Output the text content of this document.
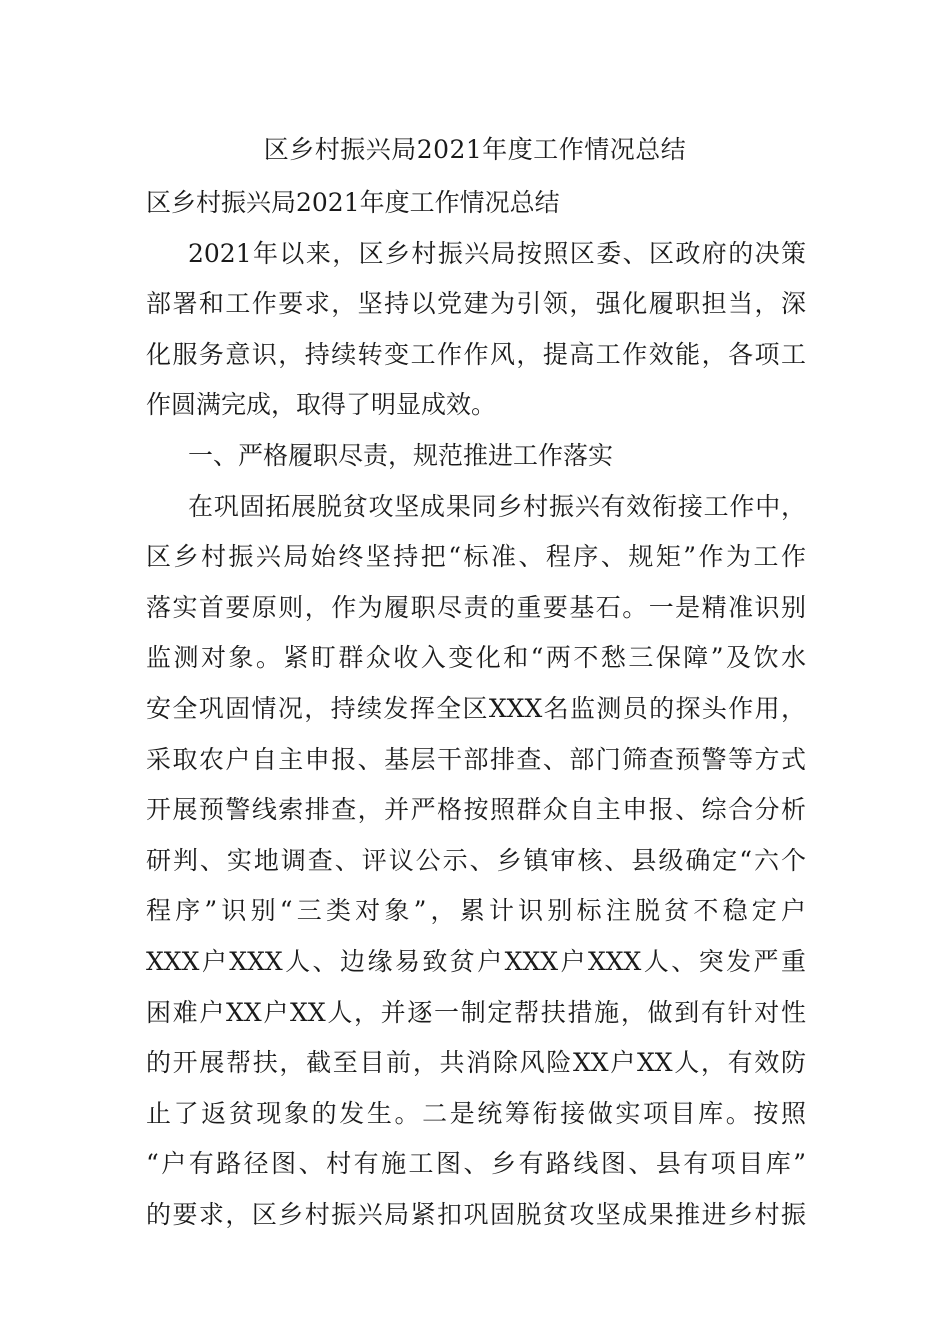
区乡村振兴局2021年度工作情况总结
区乡村振兴局2021年度工作情况总结
2021年以来，区乡村振兴局按照区委、区政府的决策
部署和工作要求，坚持以党建为引领，强化履职担当，深
化服务意识，持续转变工作作风，提高工作效能，各项工
作圆满完成，取得了明显成效。
一、严格履职尽责，规范推进工作落实
在巩固拓展脱贫攻坚成果同乡村振兴有效衔接工作中，
区乡村振兴局始终坚持把“标准、程序、规矩”作为工作
落实首要原则，作为履职尽责的重要基石。一是精准识别
监测对象。紧盯群众收入变化和“两不愁三保障”及饮水
安全巩固情况，持续发挥全区XXX名监测员的探头作用，
采取农户自主申报、基层干部排查、部门筛查预警等方式
开展预警线索排查，并严格按照群众自主申报、综合分析
研判、实地调查、评议公示、乡镇审核、县级确定“六个
程序”识别“三类对象”，累计识别标注脱贫不稳定户
XXX户XXX人、边缘易致贫户XXX户XXX人、突发严重
困难户XX户XX人，并逐一制定帮扶措施，做到有针对性
的开展帮扶，截至目前，共消除风险XX户XX人，有效防
止了返贫现象的发生。二是统筹衔接做实项目库。按照
“户有路径图、村有施工图、乡有路线图、县有项目库”
的要求，区乡村振兴局紧扣巩固脱贫攻坚成果推进乡村振
